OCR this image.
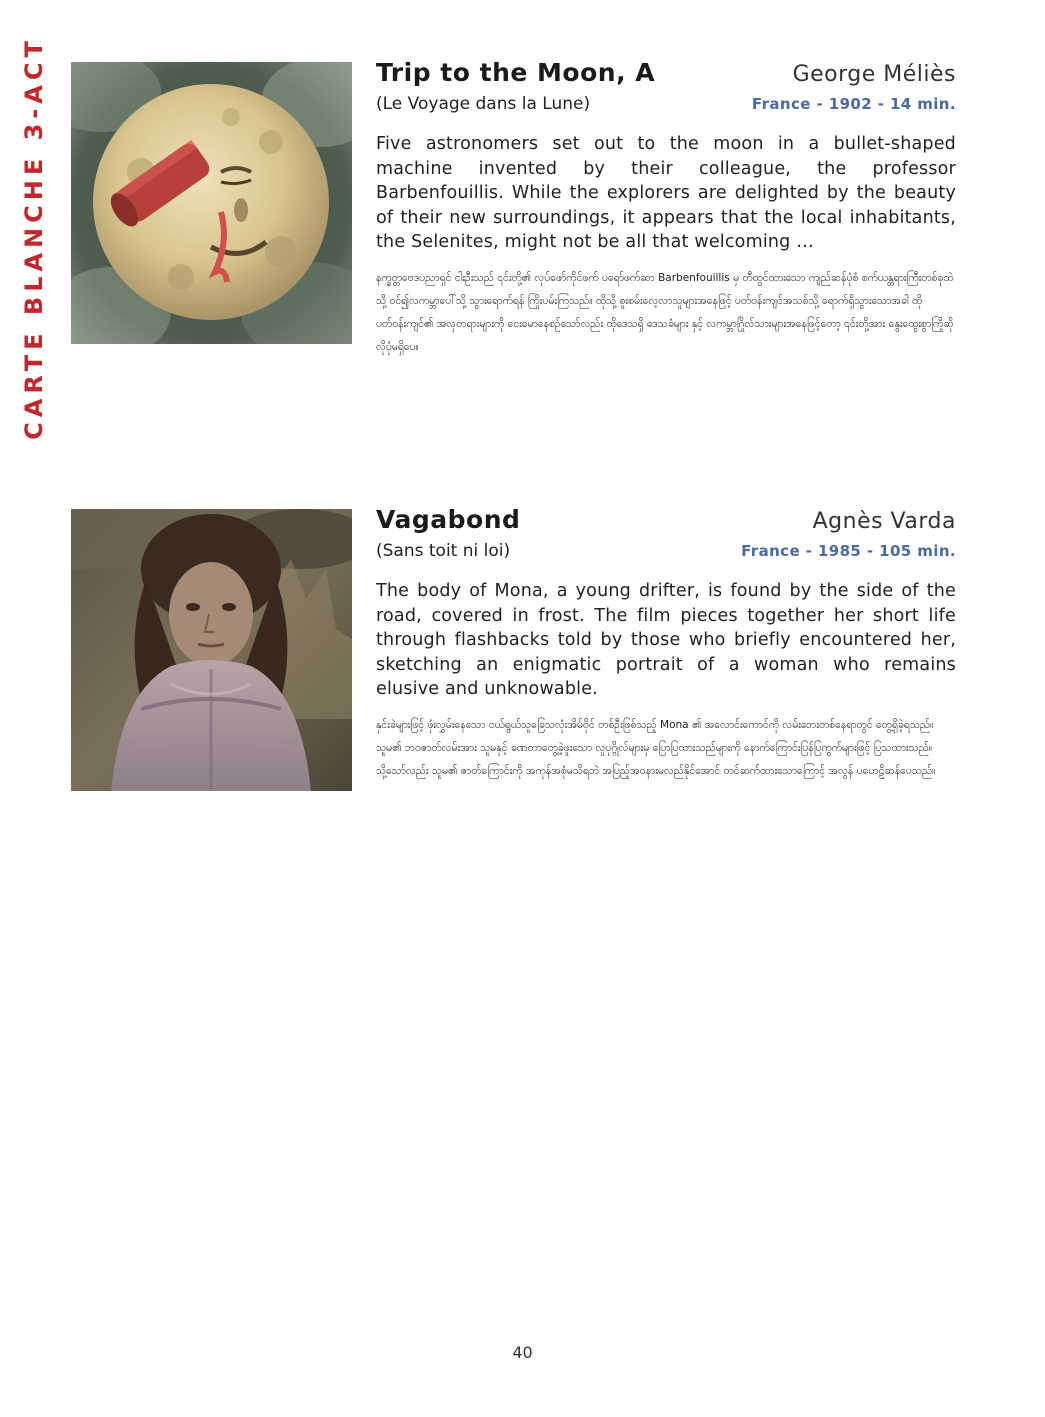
CARTE BLANCHE 3-ACT	Trip to the Moon, A	George Méliès
(Le Voyage dans la Lune)	France - 1902 - 14 min.
Five astronomers set out to the moon in a bullet-shaped machine invented by their colleague, the professor Barbenfouillis. While the explorers are delighted by the beauty of their new surroundings, it appears that the local inhabitants, the Selenites, might not be all that welcoming …
နက္ခတ္တဗေဒပညာရှင် ငါးဦးသည် ၎င်းတို့၏ လုပ်ဖော်ကိုင်ဖက် ပရော်ဖက်ဆာ Barbenfouillis မှ တီထွင်ထားသော ကျည်ဆန်ပုံစံ စက်ယန္တရားကြီးတစ်ခုထဲသို့ ဝင်၍လကမ္ဘာပေါ်သို့ သွားရောက်ရန် ကြိုးပမ်းကြသည်။ ထိုသို့ စူးစမ်းလေ့လာသူများအနေဖြင့် ပတ်ဝန်းကျင်အသစ်သို့ ရောက်ရှိသွားသောအခါ ထိုပတ်ဝန်းကျင်၏ အလှတရားများကို ငေးမောနေစဉ်သော်လည်း ထိုဒေသရှိ ဒေသခံများ နှင့် လကမ္ဘာဂြိုလ်သားများအနေဖြင့်တော့ ၎င်းတို့အား နွေးထွေးစွာကြိုဆိုလိုပုံမရှိပေ။
Vagabond	Agnès Varda
(Sans toit ni loi)	France - 1985 - 105 min.
The body of Mona, a young drifter, is found by the side of the road, covered in frost. The film pieces together her short life through flashbacks told by those who briefly encountered her, sketching an enigmatic portrait of a woman who remains elusive and unknowable.
နှင်းခဲများဖြင့် ဖုံးလွှမ်းနေသော ငယ်ရွယ်သူခြေသလုံးအိမ်ဝိုင် တစ်ဦးဖြစ်သည့် Mona ၏ အလောင်းကောင်ကို လမ်းဘေးတစ်နေရာတွင် တွေ့ရှိခဲ့ရသည်။ သူမ၏ ဘဝဇာတ်လမ်းအား သူမနှင့် ခဏတာတွေ့ခဲ့ဖူးသော လူပုဂ္ဂိုလ်များမှ ပြောပြထားသည်များကို နောက်ကြောင်းပြန်ပြကွက်များဖြင့် ပြသထားသည်။ သို့သော်လည်း သူမ၏ ဇာတ်ကြောင်းကို အကုန်အစုံမသိရဘဲ အပြည့်အဝနားမလည်နိုင်အောင် တင်ဆက်ထားသောကြောင့် အလွန် ပဟေဠိဆန်ပေသည်။
40
